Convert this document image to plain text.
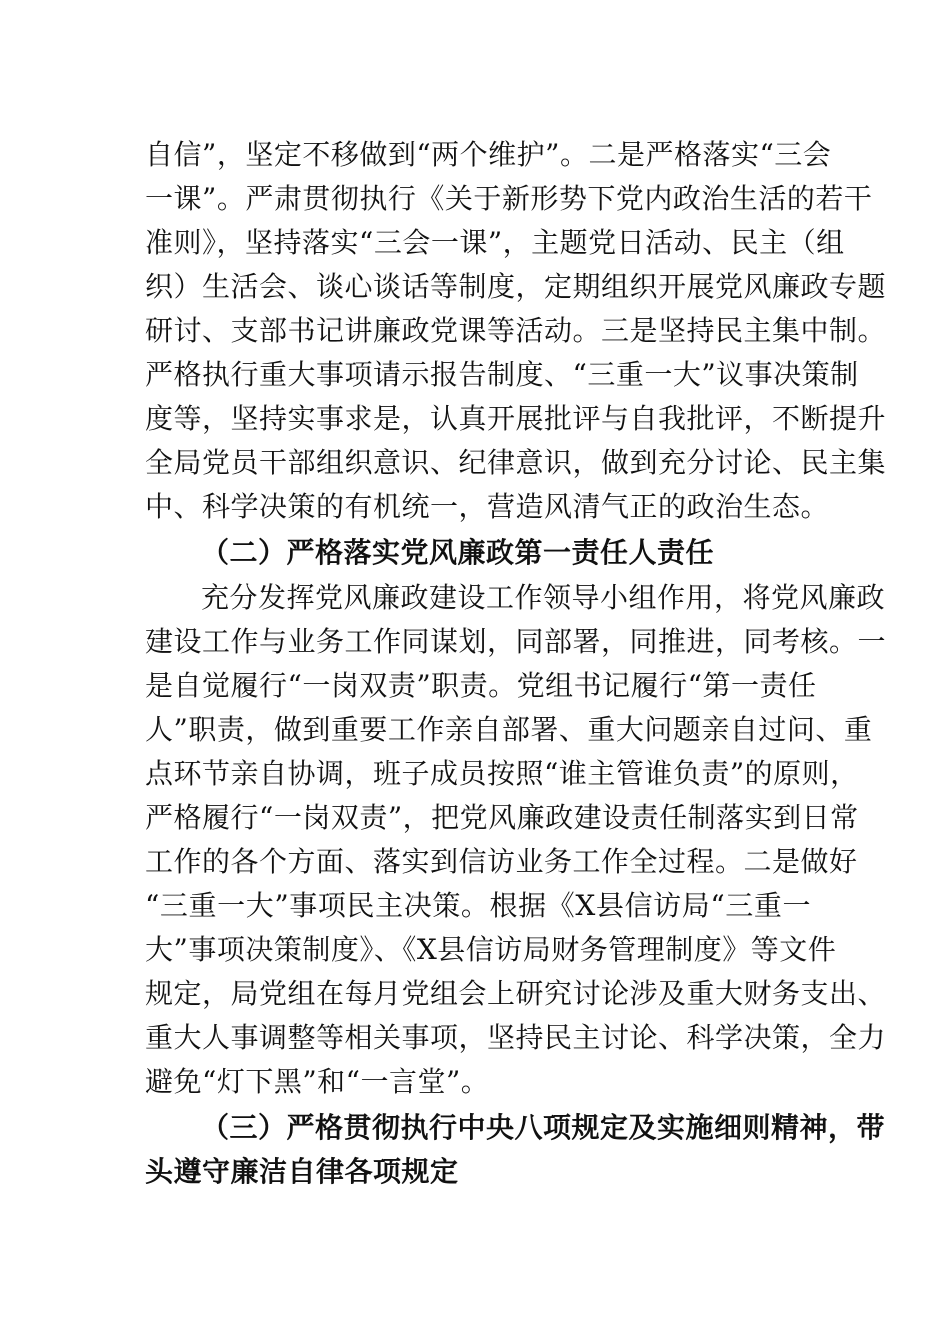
自信”，坚定不移做到“两个维护”。二是严格落实“三会
一课”。严肃贯彻执行《关于新形势下党内政治生活的若干
准则》，坚持落实“三会一课”，主题党日活动、民主（组
织）生活会、谈心谈话等制度，定期组织开展党风廉政专题
研讨、支部书记讲廉政党课等活动。三是坚持民主集中制。
严格执行重大事项请示报告制度、“三重一大”议事决策制
度等，坚持实事求是，认真开展批评与自我批评，不断提升
全局党员干部组织意识、纪律意识，做到充分讨论、民主集
中、科学决策的有机统一，营造风清气正的政治生态。
（二）严格落实党风廉政第一责任人责任
充分发挥党风廉政建设工作领导小组作用，将党风廉政
建设工作与业务工作同谋划，同部署，同推进，同考核。一
是自觉履行“一岗双责”职责。党组书记履行“第一责任
人”职责，做到重要工作亲自部署、重大问题亲自过问、重
点环节亲自协调，班子成员按照“谁主管谁负责”的原则，
严格履行“一岗双责”，把党风廉政建设责任制落实到日常
工作的各个方面、落实到信访业务工作全过程。二是做好
“三重一大”事项民主决策。根据《X县信访局“三重一
大”事项决策制度》、《X县信访局财务管理制度》等文件
规定，局党组在每月党组会上研究讨论涉及重大财务支出、
重大人事调整等相关事项，坚持民主讨论、科学决策，全力
避免“灯下黑”和“一言堂”。
（三）严格贯彻执行中央八项规定及实施细则精神，带
头遵守廉洁自律各项规定
